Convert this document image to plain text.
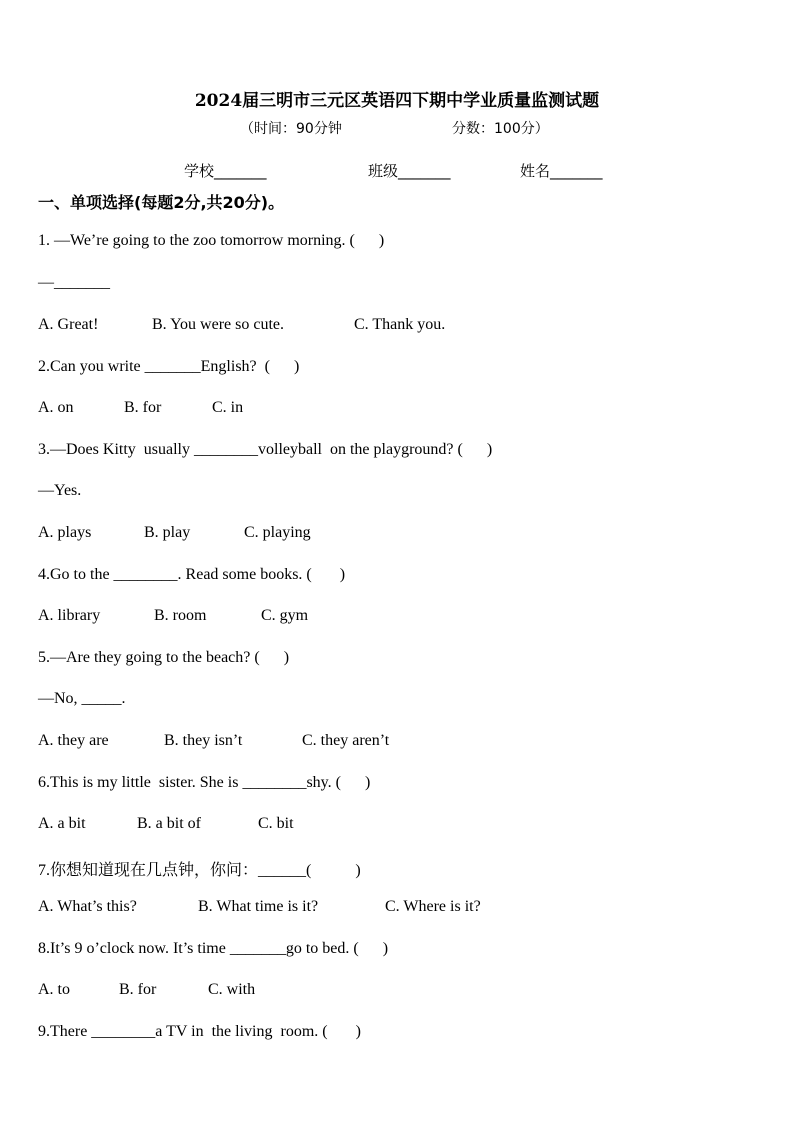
2024届三明市三元区英语四下期中学业质量监测试题
（时间：90分钟	分数：100分）
学校_______	班级_______	姓名_______
一、单项选择(每题2分,共20分)。
1. —We’re going to the zoo tomorrow morning. (      )
—_______
A. Great!	B. You were so cute.	C. Thank you.
2.Can you write _______English?  (      )
A. on	B. for	C. in
3.—Does Kitty  usually ________volleyball  on the playground? (      )
—Yes.
A. plays	B. play	C. playing
4.Go to the ________. Read some books. (       )
A. library	B. room	C. gym
5.—Are they going to the beach? (      )
—No, _____.
A. they are	B. they isn’t	C. they aren’t
6.This is my little  sister. She is ________shy. (      )
A. a bit	B. a bit of	C. bit
7.你想知道现在几点钟，你问：______(           )
A. What’s this?	B. What time is it?	C. Where is it?
8.It’s 9 o’clock now. It’s time _______go to bed. (      )
A. to	B. for	C. with
9.There ________a TV in  the living  room. (       )
